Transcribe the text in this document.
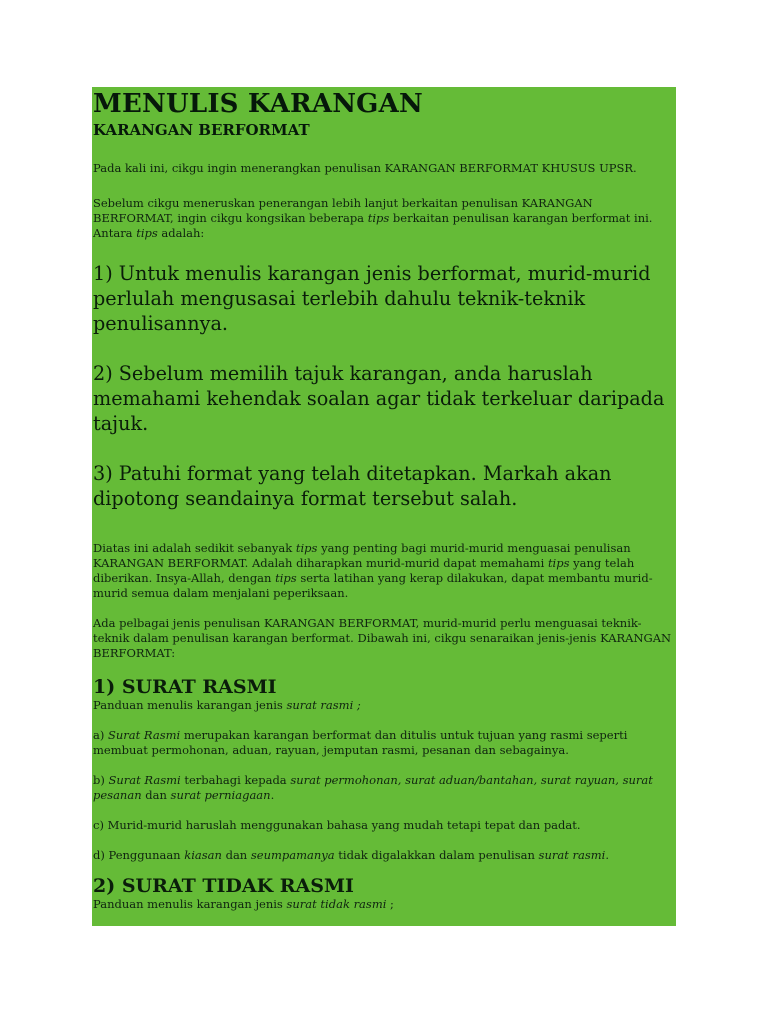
MENULIS KARANGAN
KARANGAN BERFORMAT

Pada kali ini, cikgu ingin menerangkan penulisan KARANGAN BERFORMAT KHUSUS UPSR.

Sebelum cikgu meneruskan penerangan lebih lanjut berkaitan penulisan KARANGAN BERFORMAT, ingin cikgu kongsikan beberapa tips berkaitan penulisan karangan berformat ini. Antara tips adalah:

1) Untuk menulis karangan jenis berformat, murid-murid perlulah mengusasai terlebih dahulu teknik-teknik penulisannya.

2) Sebelum memilih tajuk karangan, anda haruslah memahami kehendak soalan agar tidak terkeluar daripada tajuk.

3) Patuhi format yang telah ditetapkan. Markah akan dipotong seandainya format tersebut salah.

Diatas ini adalah sedikit sebanyak tips yang penting bagi murid-murid menguasai penulisan KARANGAN BERFORMAT. Adalah diharapkan murid-murid dapat memahami tips yang telah diberikan. Insya-Allah, dengan tips serta latihan yang kerap dilakukan, dapat membantu murid-murid semua dalam menjalani peperiksaan.

Ada pelbagai jenis penulisan KARANGAN BERFORMAT, murid-murid perlu menguasai teknik-teknik dalam penulisan karangan berformat. Dibawah ini, cikgu senaraikan jenis-jenis KARANGAN BERFORMAT:

1) SURAT RASMI

Panduan menulis karangan jenis surat rasmi ;

a) Surat Rasmi merupakan karangan berformat dan ditulis untuk tujuan yang rasmi seperti membuat permohonan, aduan, rayuan, jemputan rasmi, pesanan dan sebagainya.

b) Surat Rasmi terbahagi kepada surat permohonan, surat aduan/bantahan, surat rayuan, surat pesanan dan surat perniagaan.

c) Murid-murid haruslah menggunakan bahasa yang mudah tetapi tepat dan padat.

d) Penggunaan kiasan dan seumpamanya tidak digalakkan dalam penulisan surat rasmi.

2) SURAT TIDAK RASMI

Panduan menulis karangan jenis surat tidak rasmi ;
